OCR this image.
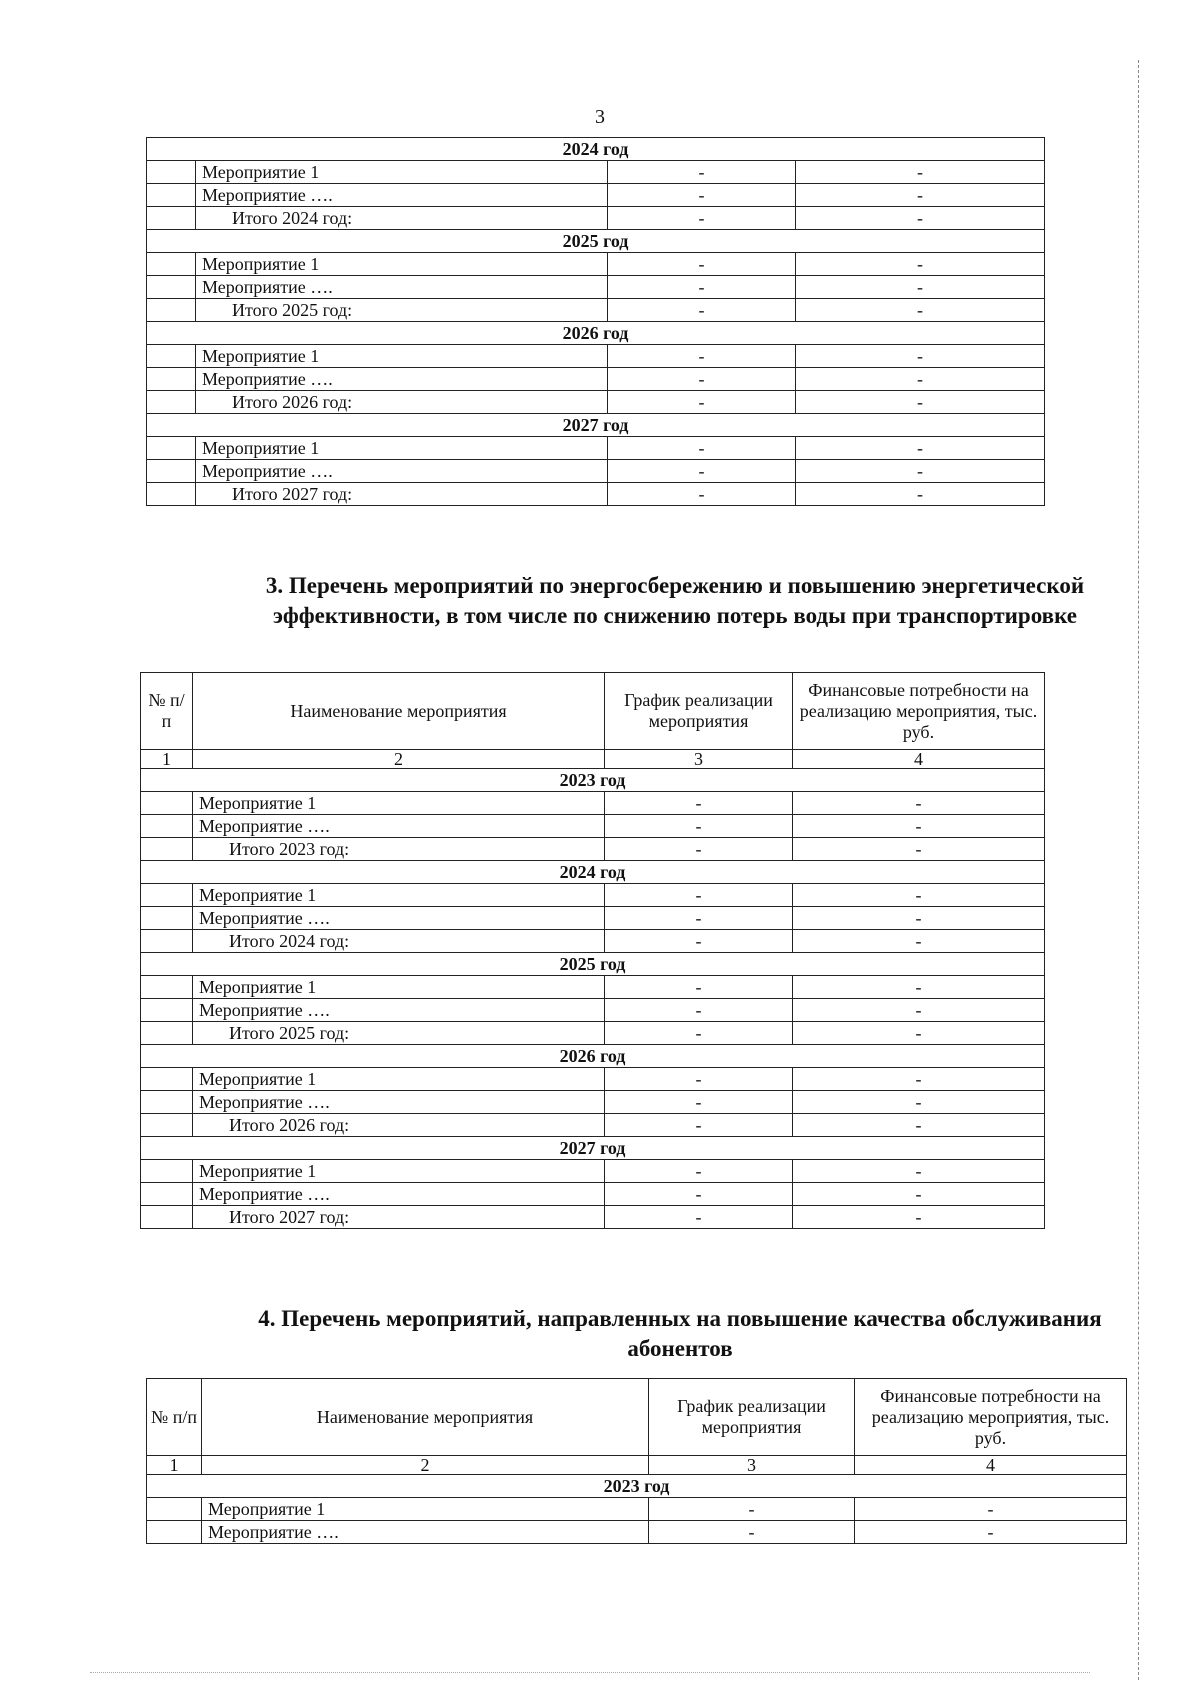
3
2024 год			
	Мероприятие 1	-	-
	Мероприятие ….	-	-
	Итого 2024 год:	-	-
2025 год			
	Мероприятие 1	-	-
	Мероприятие ….	-	-
	Итого 2025 год:	-	-
2026 год			
	Мероприятие 1	-	-
	Мероприятие ….	-	-
	Итого 2026 год:	-	-
2027 год			
	Мероприятие 1	-	-
	Мероприятие ….	-	-
	Итого 2027 год:	-	-
3. Перечень мероприятий по энергосбережению и повышению энергетической эффективности, в том числе по снижению потерь воды при транспортировке
№ п/п	Наименование мероприятия	График реализации мероприятия	Финансовые потребности на реализацию мероприятия, тыс. руб.
1	2	3	4
2023 год			
	Мероприятие 1	-	-
	Мероприятие ….	-	-
	Итого 2023 год:	-	-
2024 год			
	Мероприятие 1	-	-
	Мероприятие ….	-	-
	Итого 2024 год:	-	-
2025 год			
	Мероприятие 1	-	-
	Мероприятие ….	-	-
	Итого 2025 год:	-	-
2026 год			
	Мероприятие 1	-	-
	Мероприятие ….	-	-
	Итого 2026 год:	-	-
2027 год			
	Мероприятие 1	-	-
	Мероприятие ….	-	-
	Итого 2027 год:	-	-
4. Перечень мероприятий, направленных на повышение качества обслуживания абонентов
№ п/п	Наименование мероприятия	График реализации мероприятия	Финансовые потребности на реализацию мероприятия, тыс. руб.
1	2	3	4
2023 год			
	Мероприятие 1	-	-
	Мероприятие ….	-	-
